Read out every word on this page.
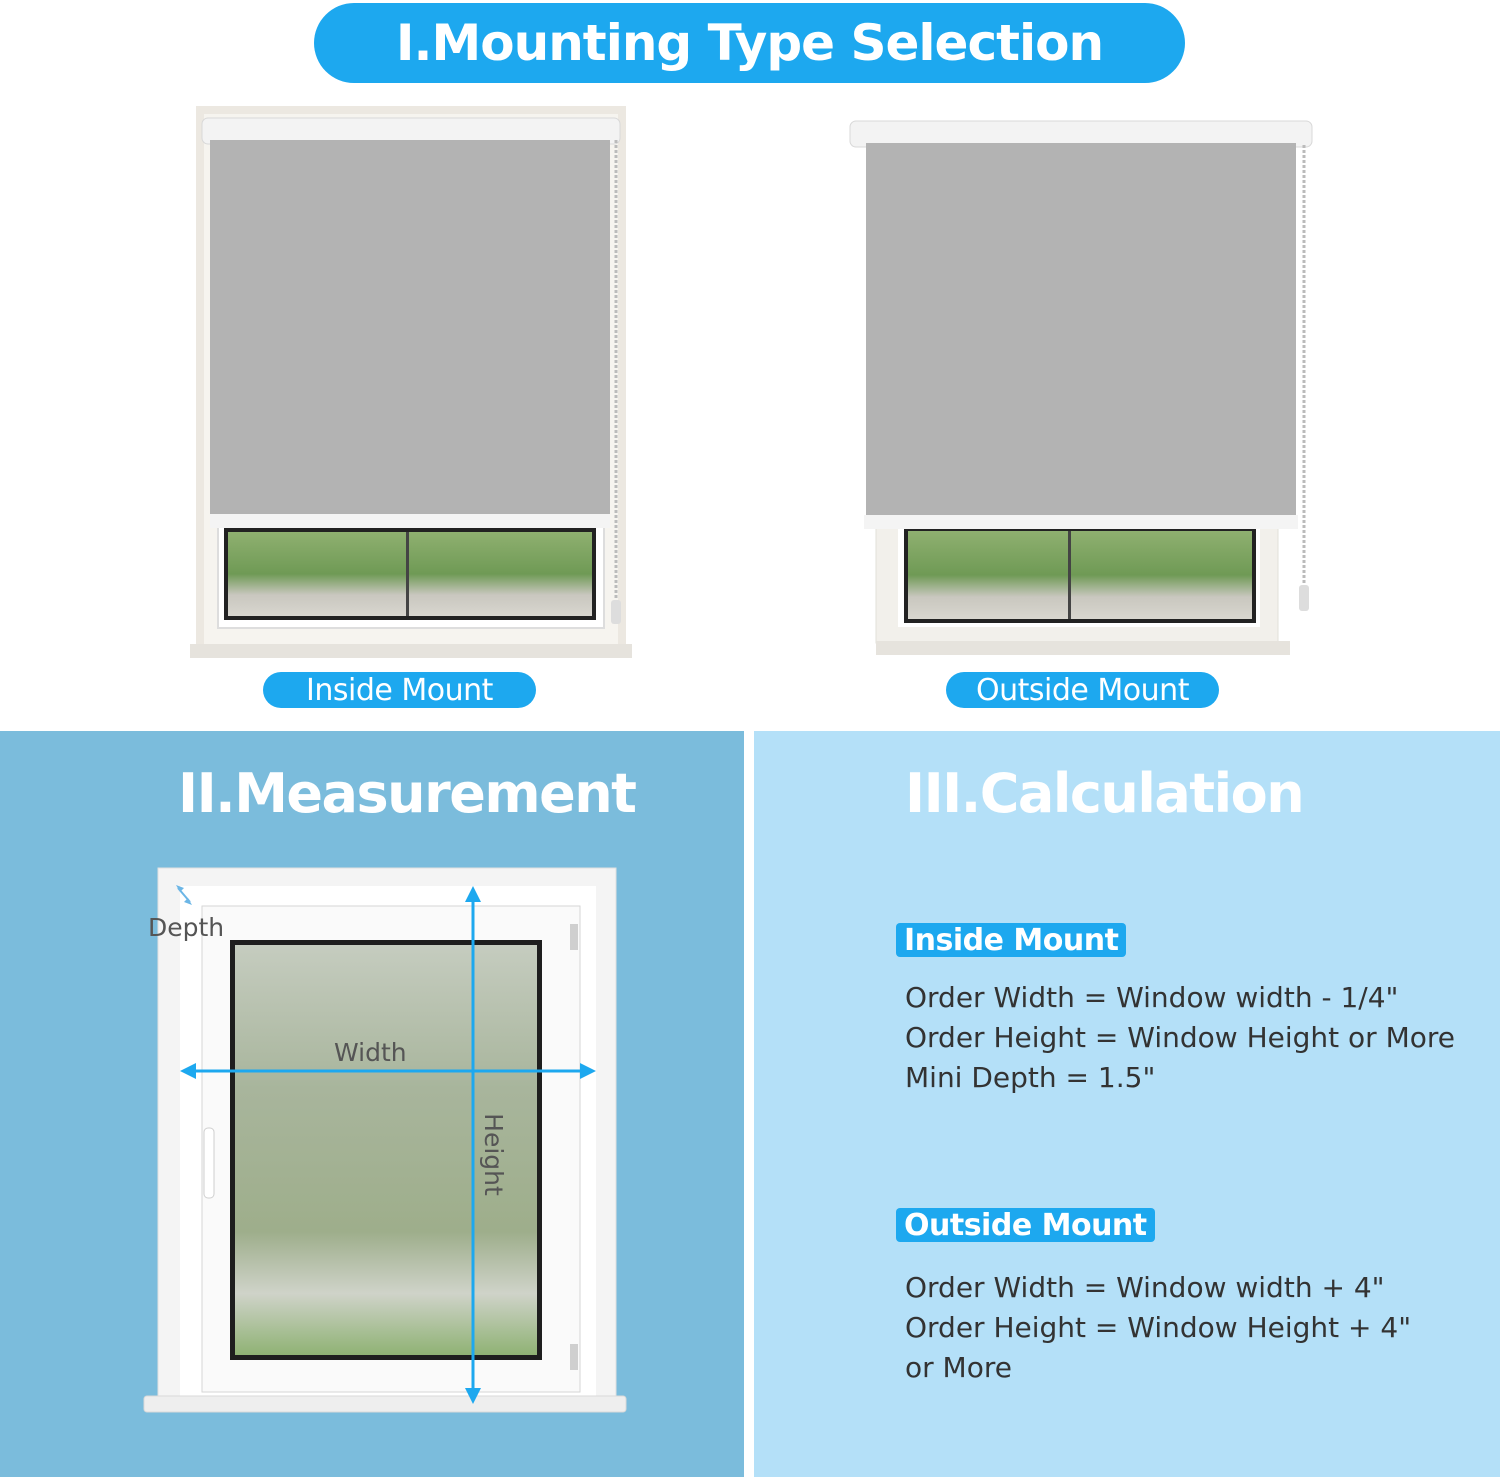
I.Mounting Type Selection
Inside Mount	Outside Mount
II.Measurement
Depth
Width
Height
III.Calculation
Inside Mount
Order Width = Window width - 1/4"
Order Height = Window Height or More
Mini Depth = 1.5"
Outside Mount
Order Width = Window width + 4"
Order Height = Window Height + 4"
or More
